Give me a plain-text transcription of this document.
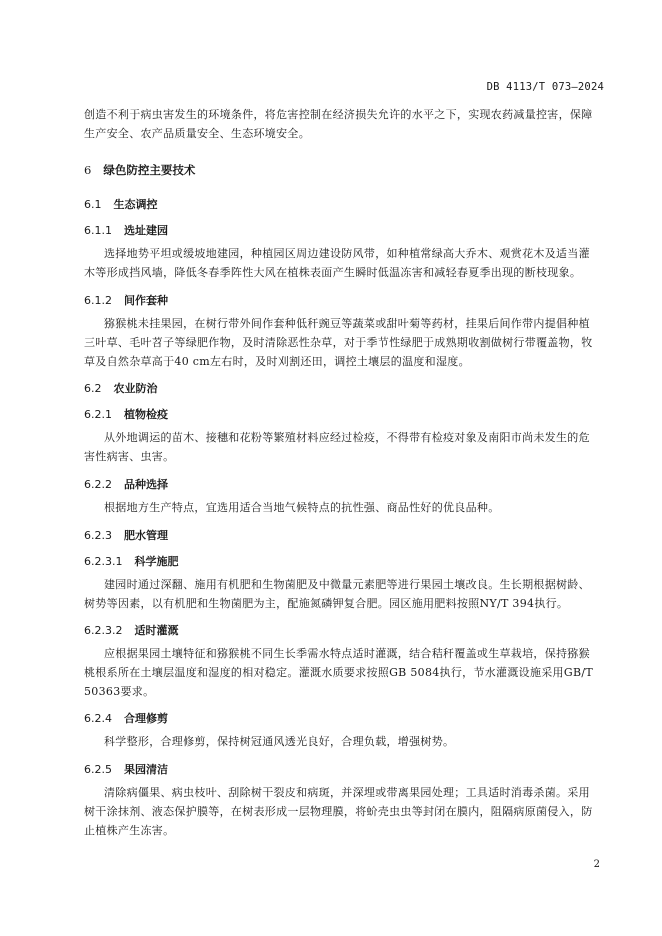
DB 4113/T 073—2024
创造不利于病虫害发生的环境条件，将危害控制在经济损失允许的水平之下，实现农药减量控害，保障生产安全、农产品质量安全、生态环境安全。
6 绿色防控主要技术
6.1 生态调控
6.1.1 选址建园
选择地势平坦或缓坡地建园，种植园区周边建设防风带，如种植常绿高大乔木、观赏花木及适当灌木等形成挡风墙，降低冬春季阵性大风在植株表面产生瞬时低温冻害和减轻春夏季出现的断枝现象。
6.1.2 间作套种
猕猴桃未挂果园，在树行带外间作套种低秆豌豆等蔬菜或甜叶菊等药材，挂果后间作带内提倡种植三叶草、毛叶苕子等绿肥作物，及时清除恶性杂草，对于季节性绿肥于成熟期收割做树行带覆盖物，牧草及自然杂草高于40 cm左右时，及时刈割还田，调控土壤层的温度和湿度。
6.2 农业防治
6.2.1 植物检疫
从外地调运的苗木、接穗和花粉等繁殖材料应经过检疫，不得带有检疫对象及南阳市尚未发生的危害性病害、虫害。
6.2.2 品种选择
根据地方生产特点，宜选用适合当地气候特点的抗性强、商品性好的优良品种。
6.2.3 肥水管理
6.2.3.1 科学施肥
建园时通过深翻、施用有机肥和生物菌肥及中微量元素肥等进行果园土壤改良。生长期根据树龄、树势等因素，以有机肥和生物菌肥为主，配施氮磷钾复合肥。园区施用肥料按照NY/T 394执行。
6.2.3.2 适时灌溉
应根据果园土壤特征和猕猴桃不同生长季需水特点适时灌溉，结合秸秆覆盖或生草栽培，保持猕猴桃根系所在土壤层温度和湿度的相对稳定。灌溉水质要求按照GB 5084执行，节水灌溉设施采用GB/T 50363要求。
6.2.4 合理修剪
科学整形，合理修剪，保持树冠通风透光良好，合理负载，增强树势。
6.2.5 果园清洁
清除病僵果、病虫枝叶、刮除树干裂皮和病斑，并深埋或带离果园处理；工具适时消毒杀菌。采用树干涂抹剂、液态保护膜等，在树表形成一层物理膜，将蚧壳虫虫等封闭在膜内，阻隔病原菌侵入，防止植株产生冻害。
2
